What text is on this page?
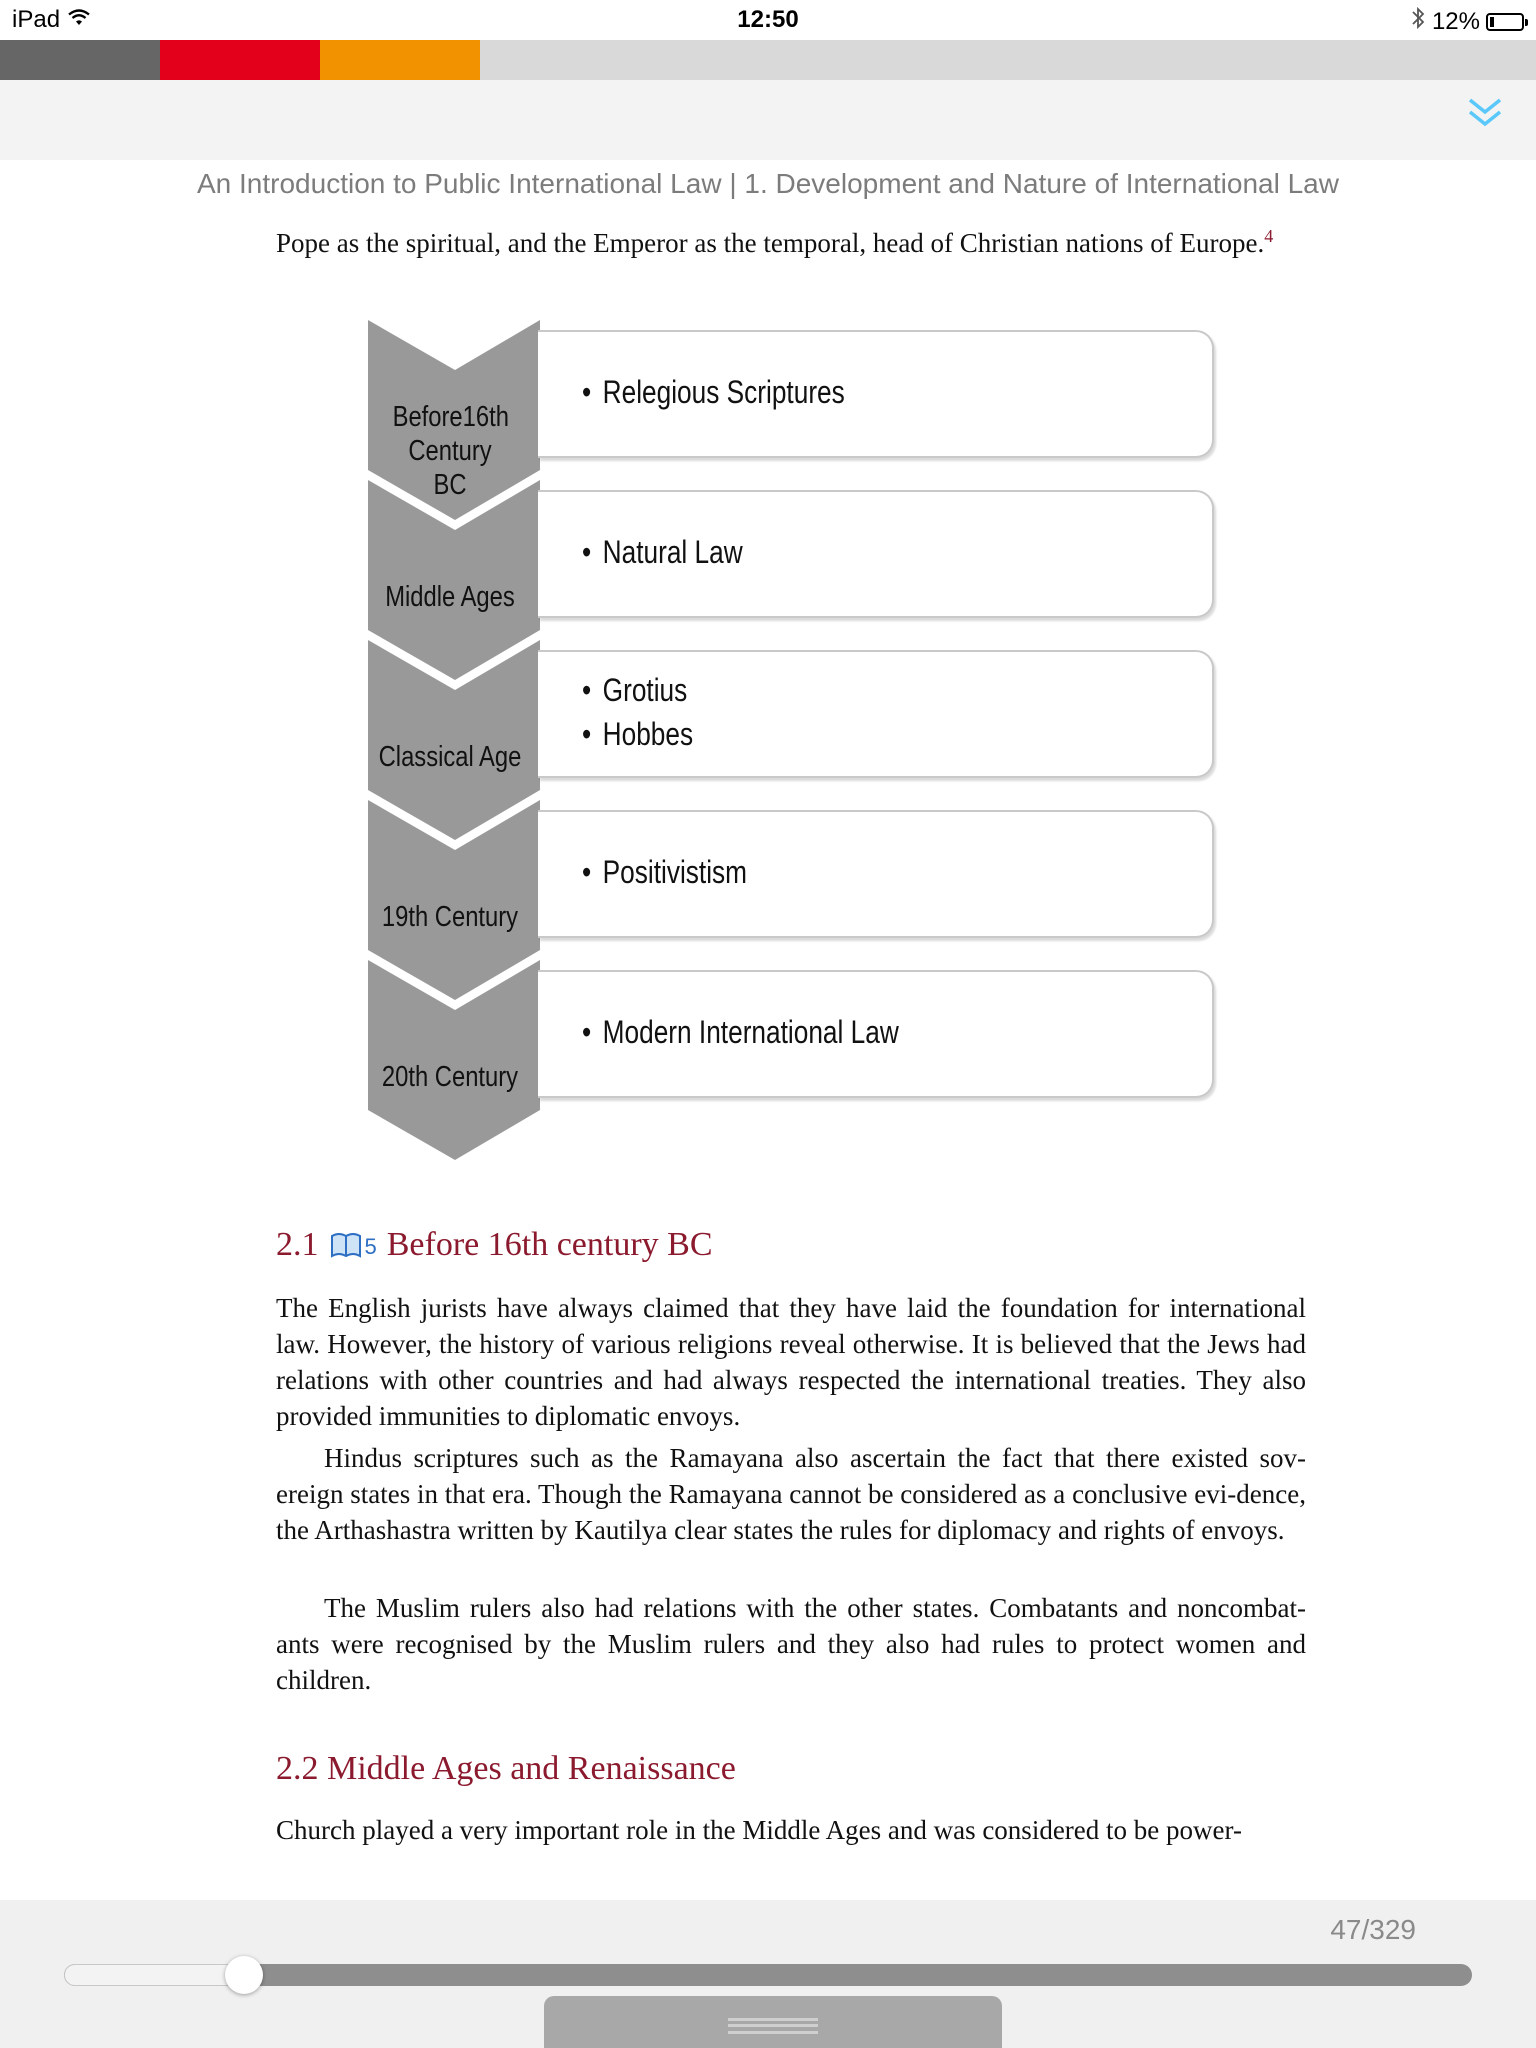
iPad	12:50	12%
An Introduction to Public International Law | 1. Development and Nature of International Law

Pope as the spiritual, and the Emperor as the temporal, head of Christian nations of Europe.$^4$

• Relegious Scriptures
Before16th Century BC
• Natural Law
Middle Ages
• Grotius
• Hobbes
Classical Age
• Positivistism
19th Century
• Modern International Law
20th Century
2.1 5 Before 16th century BC

The English jurists have always claimed that they have laid the foundation for international law. However, the history of various religions reveal otherwise. It is believed that the Jews had relations with other countries and had always respected the international treaties. They also provided immunities to diplomatic envoys.

Hindus scriptures such as the Ramayana also ascertain the fact that there existed sov-ereign states in that era. Though the Ramayana cannot be considered as a conclusive evi-dence, the Arthashastra written by Kautilya clear states the rules for diplomacy and rights of envoys.

The Muslim rulers also had relations with the other states. Combatants and noncombat-ants were recognised by the Muslim rulers and they also had rules to protect women and children.

2.2 Middle Ages and Renaissance

Church played a very important role in the Middle Ages and was considered to be power-

47/329
